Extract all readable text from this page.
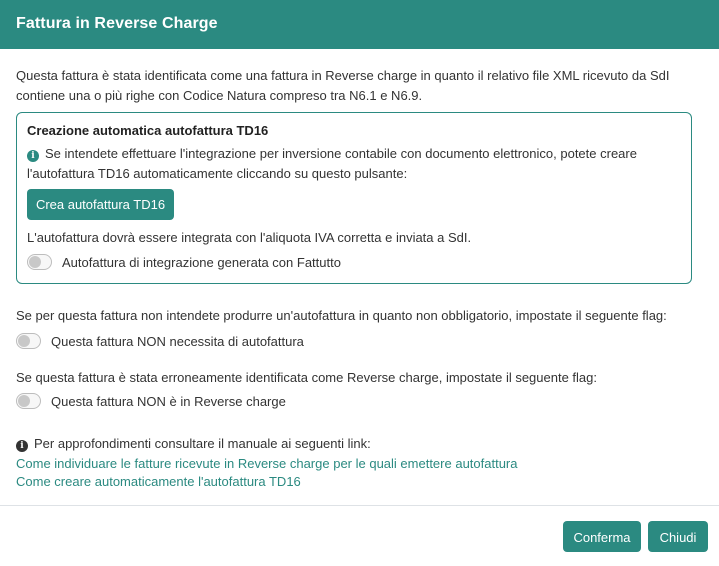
Fattura in Reverse Charge

Questa fattura è stata identificata come una fattura in Reverse charge in quanto il relativo file XML ricevuto da SdI contiene una o più righe con Codice Natura compreso tra N6.1 e N6.9.

Creazione automatica autofattura TD16
i Se intendete effettuare l'integrazione per inversione contabile con documento elettronico, potete creare l'autofattura TD16 automaticamente cliccando su questo pulsante:
Crea autofattura TD16
L'autofattura dovrà essere integrata con l'aliquota IVA corretta e inviata a SdI.
Autofattura di integrazione generata con Fattutto
Se per questa fattura non intendete produrre un'autofattura in quanto non obbligatorio, impostate il seguente flag:
Questa fattura NON necessita di autofattura
Se questa fattura è stata erroneamente identificata come Reverse charge, impostate il seguente flag:
Questa fattura NON è in Reverse charge
i Per approfondimenti consultare il manuale ai seguenti link:
Come individuare le fatture ricevute in Reverse charge per le quali emettere autofattura
Come creare automaticamente l'autofattura TD16
Conferma	Chiudi
